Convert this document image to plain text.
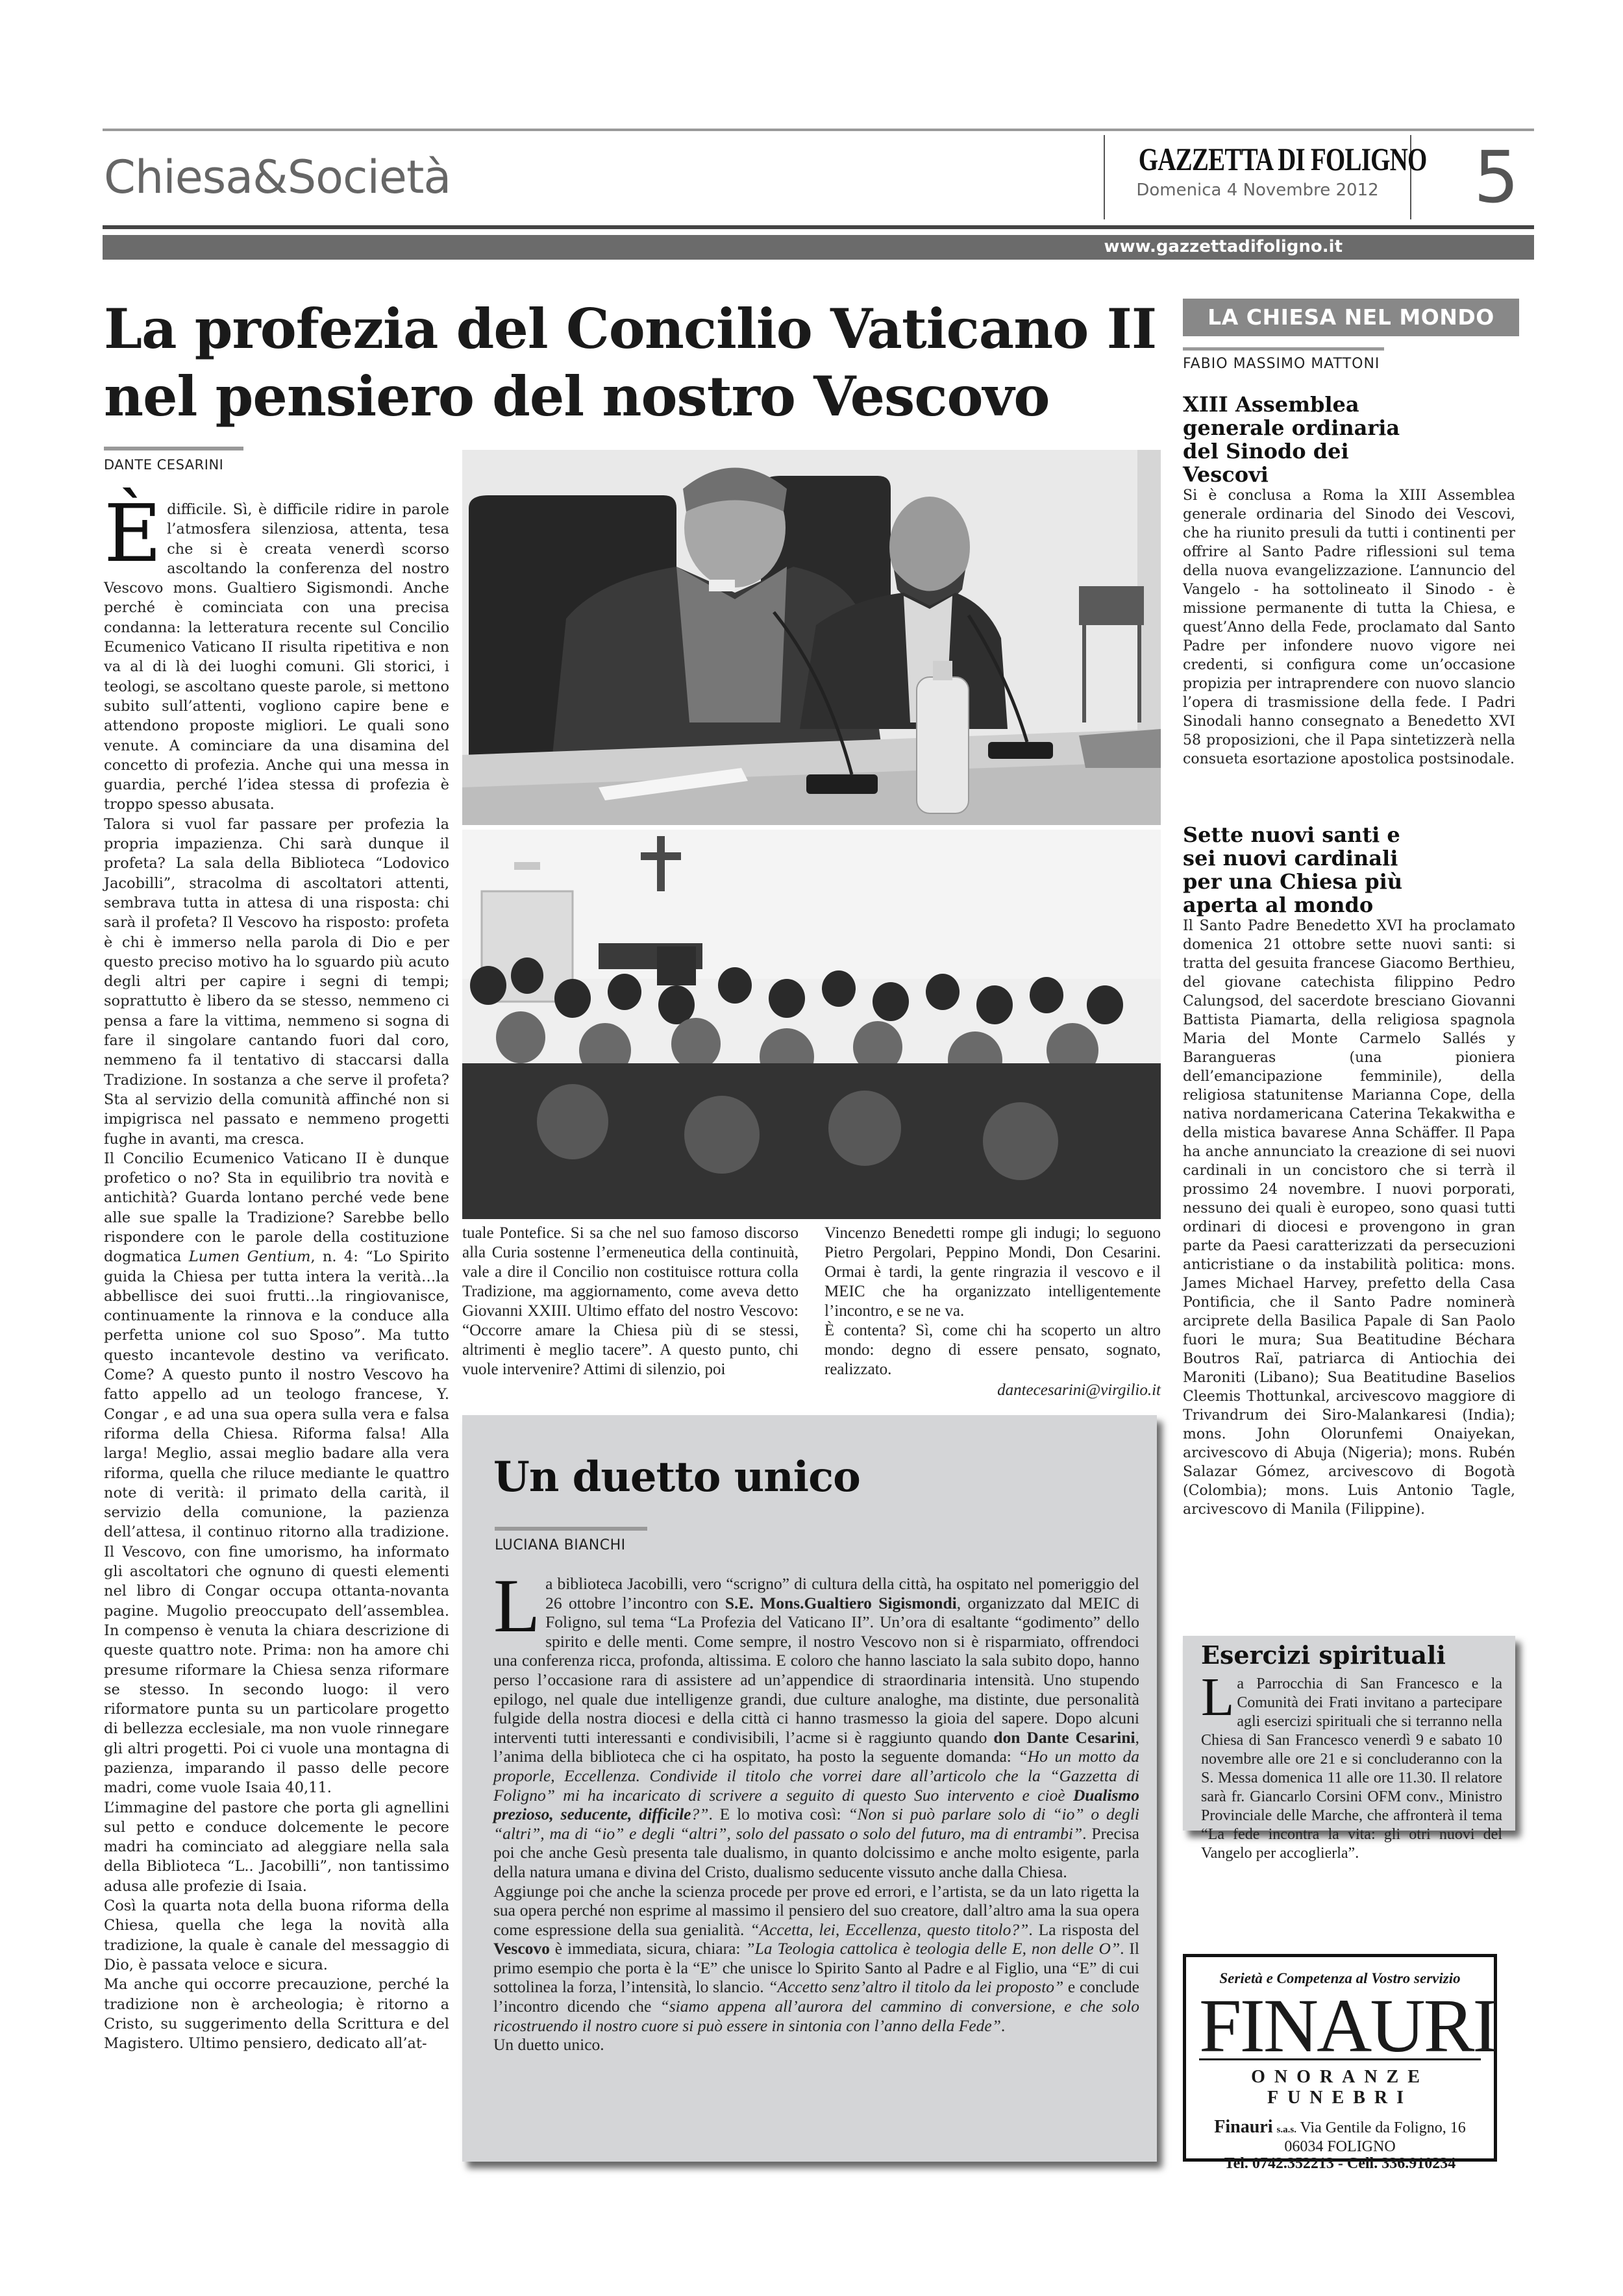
Chiesa&Società	GAZZETTA DI FOLIGNO
Domenica 4 Novembre 2012	5
www.gazzettadifoligno.it
La profezia del Concilio Vaticano II
nel pensiero del nostro Vescovo
DANTE CESARINI
È difficile. Sì, è difficile ridire in parole l’atmosfera silenziosa, attenta, tesa che si è creata venerdì scorso ascoltando la conferenza del nostro Vescovo mons. Gualtiero Sigismondi. Anche perché è cominciata con una precisa condanna: la letteratura recente sul Concilio Ecumenico Vaticano II risulta ripetitiva e non va al di là dei luoghi comuni. Gli storici, i teologi, se ascoltano queste parole, si mettono subito sull’attenti, vogliono capire bene e attendono proposte migliori. Le quali sono venute. A cominciare da una disamina del concetto di profezia. Anche qui una messa in guardia, perché l’idea stessa di profezia è troppo spesso abusata.

Talora si vuol far passare per profezia la propria impazienza. Chi sarà dunque il profeta? La sala della Biblioteca “Lodovico Jacobilli”, stracolma di ascoltatori attenti, sembrava tutta in attesa di una risposta: chi sarà il profeta? Il Vescovo ha risposto: profeta è chi è immerso nella parola di Dio e per questo preciso motivo ha lo sguardo più acuto degli altri per capire i segni di tempi; soprattutto è libero da se stesso, nemmeno ci pensa a fare la vittima, nemmeno si sogna di fare il singolare cantando fuori dal coro, nemmeno fa il tentativo di staccarsi dalla Tradizione. In sostanza a che serve il profeta? Sta al servizio della comunità affinché non si impigrisca nel passato e nemmeno progetti fughe in avanti, ma cresca.

Il Concilio Ecumenico Vaticano II è dunque profetico o no? Sta in equilibrio tra novità e antichità? Guarda lontano perché vede bene alle sue spalle la Tradizione? Sarebbe bello rispondere con le parole della costituzione dogmatica Lumen Gentium, n. 4: “Lo Spirito guida la Chiesa per tutta intera la verità…la abbellisce dei suoi frutti…la ringiovanisce, continuamente la rinnova e la conduce alla perfetta unione col suo Sposo”. Ma tutto questo incantevole destino va verificato. Come? A questo punto il nostro Vescovo ha fatto appello ad un teologo francese, Y. Congar , e ad una sua opera sulla vera e falsa riforma della Chiesa. Riforma falsa! Alla larga! Meglio, assai meglio badare alla vera riforma, quella che riluce mediante le quattro note di verità: il primato della carità, il servizio della comunione, la pazienza dell’attesa, il continuo ritorno alla tradizione. Il Vescovo, con fine umorismo, ha informato gli ascoltatori che ognuno di questi elementi nel libro di Congar occupa ottanta-novanta pagine. Mugolio preoccupato dell’assemblea. In compenso è venuta la chiara descrizione di queste quattro note. Prima: non ha amore chi presume riformare la Chiesa senza riformare se stesso. In secondo luogo: il vero riformatore punta su un particolare progetto di bellezza ecclesiale, ma non vuole rinnegare gli altri progetti. Poi ci vuole una montagna di pazienza, imparando il passo delle pecore madri, come vuole Isaia 40,11.

L’immagine del pastore che porta gli agnellini sul petto e conduce dolcemente le pecore madri ha cominciato ad aleggiare nella sala della Biblioteca “L.. Jacobilli”, non tantissimo adusa alle profezie di Isaia.

Così la quarta nota della buona riforma della Chiesa, quella che lega la novità alla tradizione, la quale è canale del messaggio di Dio, è passata veloce e sicura.

Ma anche qui occorre precauzione, perché la tradizione non è archeologia; è ritorno a Cristo, su suggerimento della Scrittura e del Magistero. Ultimo pensiero, dedicato all’at-

tuale Pontefice. Si sa che nel suo famoso discorso alla Curia sostenne l’ermeneutica della continuità, vale a dire il Concilio non costituisce rottura colla Tradizione, ma aggiornamento, come aveva detto Giovanni XXIII. Ultimo effato del nostro Vescovo: “Occorre amare la Chiesa più di se stessi, altrimenti è meglio tacere”. A questo punto, chi vuole intervenire? Attimi di silenzio, poi

Vincenzo Benedetti rompe gli indugi; lo seguono Pietro Pergolari, Peppino Mondi, Don Cesarini. Ormai è tardi, la gente ringrazia il vescovo e il MEIC che ha organizzato intelligentemente l’incontro, e se ne va.

È contenta? Sì, come chi ha scoperto un altro mondo: degno di essere pensato, sognato, realizzato.

dantecesarini@virgilio.it

Un duetto unico
LUCIANA BIANCHI
L a biblioteca Jacobilli, vero “scrigno” di cultura della città, ha ospitato nel pomeriggio del 26 ottobre l’incontro con S.E. Mons.Gualtiero Sigismondi, organizzato dal MEIC di Foligno, sul tema “La Profezia del Vaticano II”. Un’ora di esaltante “godimento” dello spirito e delle menti. Come sempre, il nostro Vescovo non si è risparmiato, offrendoci una conferenza ricca, profonda, altissima. E coloro che hanno lasciato la sala subito dopo, hanno perso l’occasione rara di assistere ad un’appendice di straordinaria intensità. Uno stupendo epilogo, nel quale due intelligenze grandi, due culture analoghe, ma distinte, due personalità fulgide della nostra diocesi e della città ci hanno trasmesso la gioia del sapere. Dopo alcuni interventi tutti interessanti e condivisibili, l’acme si è raggiunto quando don Dante Cesarini, l’anima della biblioteca che ci ha ospitato, ha posto la seguente domanda: “Ho un motto da proporle, Eccellenza. Condivide il titolo che vorrei dare all’articolo che la “Gazzetta di Foligno” mi ha incaricato di scrivere a seguito di questo Suo intervento e cioè Dualismo prezioso, seducente, difficile?”. E lo motiva così: “Non si può parlare solo di “io” o degli “altri”, ma di “io” e degli “altri”, solo del passato o solo del futuro, ma di entrambi”. Precisa poi che anche Gesù presenta tale dualismo, in quanto dolcissimo e anche molto esigente, parla della natura umana e divina del Cristo, dualismo seducente vissuto anche dalla Chiesa.

Aggiunge poi che anche la scienza procede per prove ed errori, e l’artista, se da un lato rigetta la sua opera perché non esprime al massimo il pensiero del suo creatore, dall’altro ama la sua opera come espressione della sua genialità. “Accetta, lei, Eccellenza, questo titolo?”. La risposta del Vescovo è immediata, sicura, chiara: ”La Teologia cattolica è teologia delle E, non delle O”. Il primo esempio che porta è la “E” che unisce lo Spirito Santo al Padre e al Figlio, una “E” di cui sottolinea la forza, l’intensità, lo slancio. “Accetto senz’altro il titolo da lei proposto” e conclude l’incontro dicendo che “siamo appena all’aurora del cammino di conversione, e che solo ricostruendo il nostro cuore si può essere in sintonia con l’anno della Fede”.

Un duetto unico.

LA CHIESA NEL MONDO
FABIO MASSIMO MATTONI
XIII Assemblea generale ordinaria del Sinodo dei Vescovi
Si è conclusa a Roma la XIII Assemblea generale ordinaria del Sinodo dei Vescovi, che ha riunito presuli da tutti i continenti per offrire al Santo Padre riflessioni sul tema della nuova evangelizzazione. L’annuncio del Vangelo - ha sottolineato il Sinodo - è missione permanente di tutta la Chiesa, e quest’Anno della Fede, proclamato dal Santo Padre per infondere nuovo vigore nei credenti, si configura come un’occasione propizia per intraprendere con nuovo slancio l’opera di trasmissione della fede. I Padri Sinodali hanno consegnato a Benedetto XVI 58 proposizioni, che il Papa sintetizzerà nella consueta esortazione apostolica postsinodale.
Sette nuovi santi e sei nuovi cardinali per una Chiesa più aperta al mondo
Il Santo Padre Benedetto XVI ha proclamato domenica 21 ottobre sette nuovi santi: si tratta del gesuita francese Giacomo Berthieu, del giovane catechista filippino Pedro Calungsod, del sacerdote bresciano Giovanni Battista Piamarta, della religiosa spagnola Maria del Monte Carmelo Sallés y Barangueras (una pioniera dell’emancipazione femminile), della religiosa statunitense Marianna Cope, della nativa nordamericana Caterina Tekakwitha e della mistica bavarese Anna Schäffer. Il Papa ha anche annunciato la creazione di sei nuovi cardinali in un concistoro che si terrà il prossimo 24 novembre. I nuovi porporati, nessuno dei quali è europeo, sono quasi tutti ordinari di diocesi e provengono in gran parte da Paesi caratterizzati da persecuzioni anticristiane o da instabilità politica: mons. James Michael Harvey, prefetto della Casa Pontificia, che il Santo Padre nominerà arciprete della Basilica Papale di San Paolo fuori le mura; Sua Beatitudine Béchara Boutros Raï, patriarca di Antiochia dei Maroniti (Libano); Sua Beatitudine Baselios Cleemis Thottunkal, arcivescovo maggiore di Trivandrum dei Siro-Malankaresi (India); mons. John Olorunfemi Onaiyekan, arcivescovo di Abuja (Nigeria); mons. Rubén Salazar Gómez, arcivescovo di Bogotà (Colombia); mons. Luis Antonio Tagle, arcivescovo di Manila (Filippine).
Esercizi spirituali
La Parrocchia di San Francesco e la Comunità dei Frati invitano a partecipare agli esercizi spirituali che si terranno nella Chiesa di San Francesco venerdì 9 e sabato 10 novembre alle ore 21 e si concluderanno con la S. Messa domenica 11 alle ore 11.30. Il relatore sarà fr. Giancarlo Corsini OFM conv., Ministro Provinciale delle Marche, che affronterà il tema “La fede incontra la vita: gli otri nuovi del Vangelo per accoglierla”.
Serietà e Competenza al Vostro servizio
FINAURI
ONORANZE FUNEBRI
Finauri s.a.s. Via Gentile da Foligno, 16
06034 FOLIGNO
Tel. 0742.352213 - Cell. 336.910234
